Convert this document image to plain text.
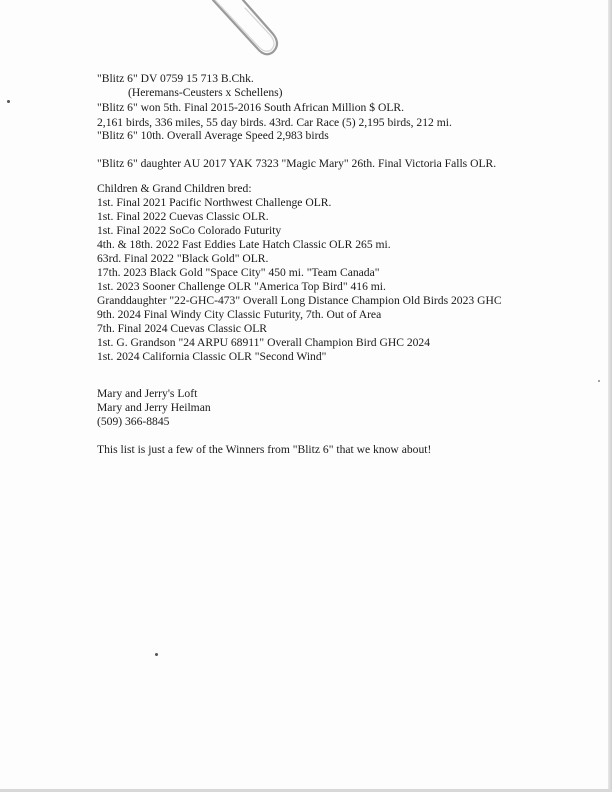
"Blitz 6" DV 0759 15 713 B.Chk.
(Heremans-Ceusters x Schellens)
"Blitz 6" won 5th. Final 2015-2016 South African Million $ OLR.
2,161 birds, 336 miles, 55 day birds. 43rd. Car Race (5) 2,195 birds, 212 mi.
"Blitz 6" 10th. Overall Average Speed 2,983 birds
"Blitz 6" daughter AU 2017 YAK 7323 "Magic Mary" 26th. Final Victoria Falls OLR.
Children & Grand Children bred:
1st. Final 2021 Pacific Northwest Challenge OLR.
1st. Final 2022 Cuevas Classic OLR.
1st. Final 2022 SoCo Colorado Futurity
4th. & 18th. 2022 Fast Eddies Late Hatch Classic OLR 265 mi.
63rd. Final 2022 "Black Gold" OLR.
17th. 2023 Black Gold "Space City" 450 mi. "Team Canada"
1st. 2023 Sooner Challenge OLR "America Top Bird" 416 mi.
Granddaughter "22-GHC-473" Overall Long Distance Champion Old Birds 2023 GHC
9th. 2024 Final Windy City Classic Futurity, 7th. Out of Area
7th. Final 2024 Cuevas Classic OLR
1st. G. Grandson "24 ARPU 68911" Overall Champion Bird GHC 2024
1st. 2024 California Classic OLR "Second Wind"
Mary and Jerry's Loft
Mary and Jerry Heilman
(509) 366-8845
This list is just a few of the Winners from "Blitz 6" that we know about!
